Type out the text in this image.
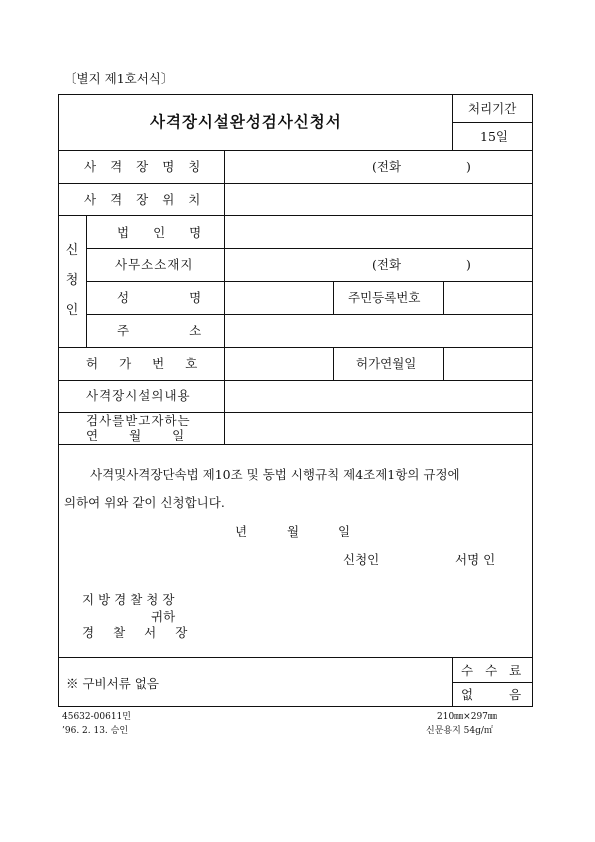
〔별지 제1호서식〕
사격장시설완성검사신청서
처리기간
15일
사격장명칭	(전화	)
사격장위치
신
청
인
법인명
사무소소재지	(전화	)
성명	주민등록번호
주소
허가번호	허가연월일
사격장시설의내용
검사를받고자하는
연월일
사격및사격장단속법 제10조 및 동법 시행규칙 제4조제1항의 규정에
의하여 위와 같이 신청합니다.
년	월	일
신청인	서명 인
지방경찰청장
귀하
경찰서장
※ 구비서류 없음
수수료
없음
45632-00611민
’96. 2. 13. 승인
210㎜×297㎜
신문용지 54g/㎡
